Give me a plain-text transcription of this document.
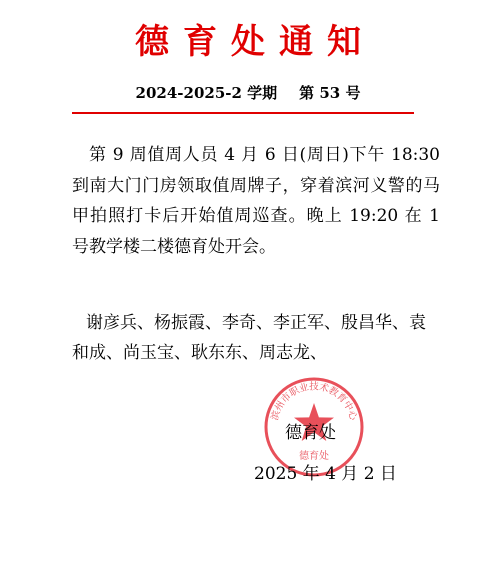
德育处通知
2024-2025-2 学期 第 53 号

第 9 周值周人员 4 月 6 日(周日)下午 18:30 到南大门门房领取值周牌子，穿着滨河义警的马甲拍照打卡后开始值周巡查。晚上 19:20 在 1 号教学楼二楼德育处开会。

谢彦兵、杨振霞、李奇、李正军、殷昌华、袁和成、尚玉宝、耿东东、周志龙、
滨州市职业技术教育中心
德育处
德育处
2025 年 4 月 2 日
